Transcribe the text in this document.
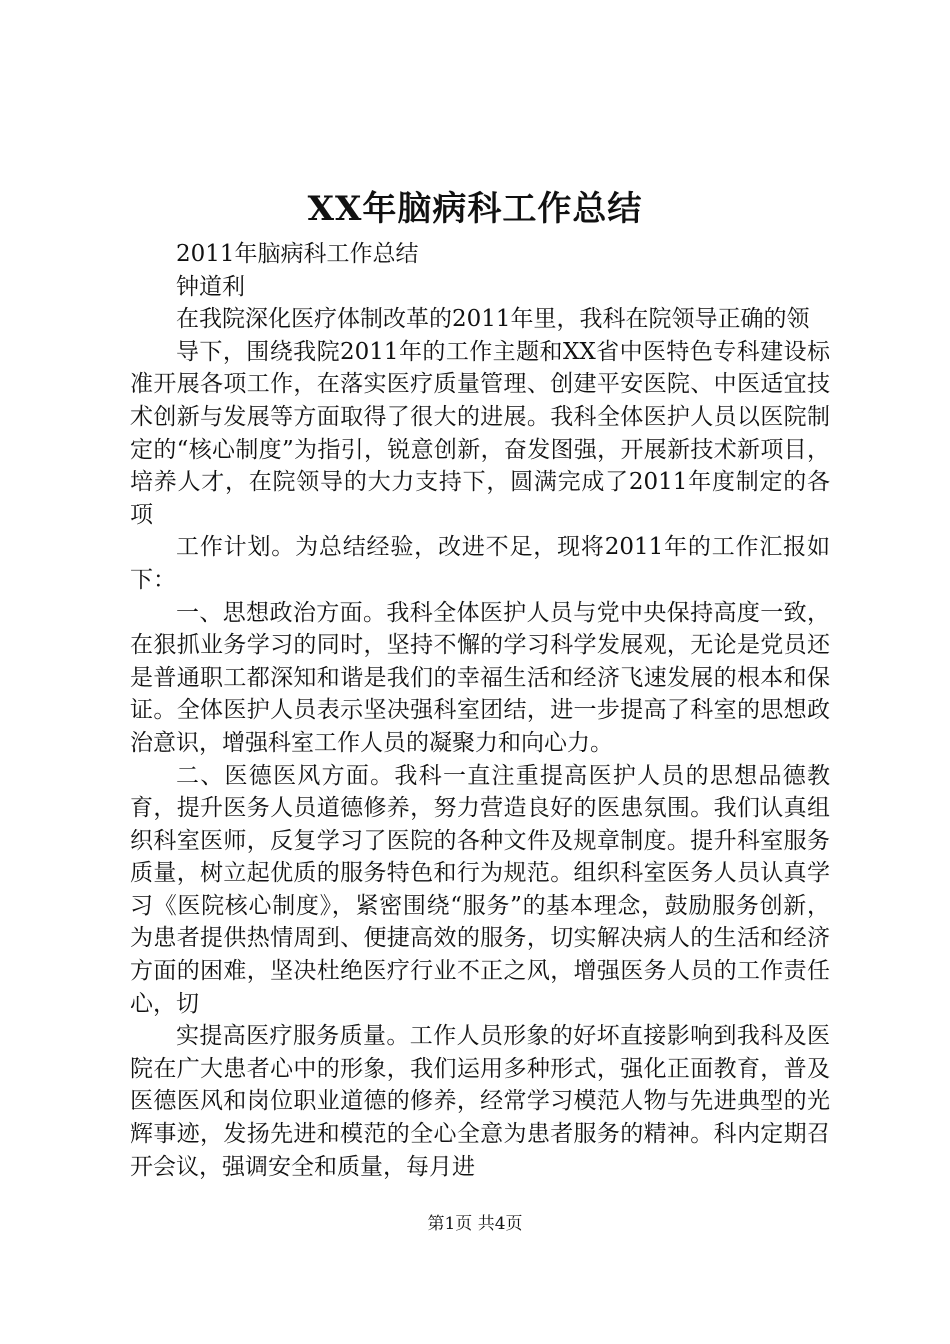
XX年脑病科工作总结

2011年脑病科工作总结

钟道利

在我院深化医疗体制改革的2011年里，我科在院领导正确的领

导下，围绕我院2011年的工作主题和XX省中医特色专科建设标准开展各项工作，在落实医疗质量管理、创建平安医院、中医适宜技术创新与发展等方面取得了很大的进展。我科全体医护人员以医院制定的“核心制度”为指引，锐意创新，奋发图强，开展新技术新项目，培养人才，在院领导的大力支持下，圆满完成了2011年度制定的各项

工作计划。为总结经验，改进不足，现将2011年的工作汇报如下：

一、思想政治方面。我科全体医护人员与党中央保持高度一致，在狠抓业务学习的同时，坚持不懈的学习科学发展观，无论是党员还是普通职工都深知和谐是我们的幸福生活和经济飞速发展的根本和保证。全体医护人员表示坚决强科室团结，进一步提高了科室的思想政治意识，增强科室工作人员的凝聚力和向心力。

二、医德医风方面。我科一直注重提高医护人员的思想品德教育，提升医务人员道德修养，努力营造良好的医患氛围。我们认真组织科室医师，反复学习了医院的各种文件及规章制度。提升科室服务质量，树立起优质的服务特色和行为规范。组织科室医务人员认真学习《医院核心制度》，紧密围绕“服务”的基本理念，鼓励服务创新，为患者提供热情周到、便捷高效的服务，切实解决病人的生活和经济方面的困难，坚决杜绝医疗行业不正之风，增强医务人员的工作责任心，切

实提高医疗服务质量。工作人员形象的好坏直接影响到我科及医院在广大患者心中的形象，我们运用多种形式，强化正面教育，普及医德医风和岗位职业道德的修养，经常学习模范人物与先进典型的光辉事迹，发扬先进和模范的全心全意为患者服务的精神。科内定期召开会议，强调安全和质量，每月进

第1页 共4页
